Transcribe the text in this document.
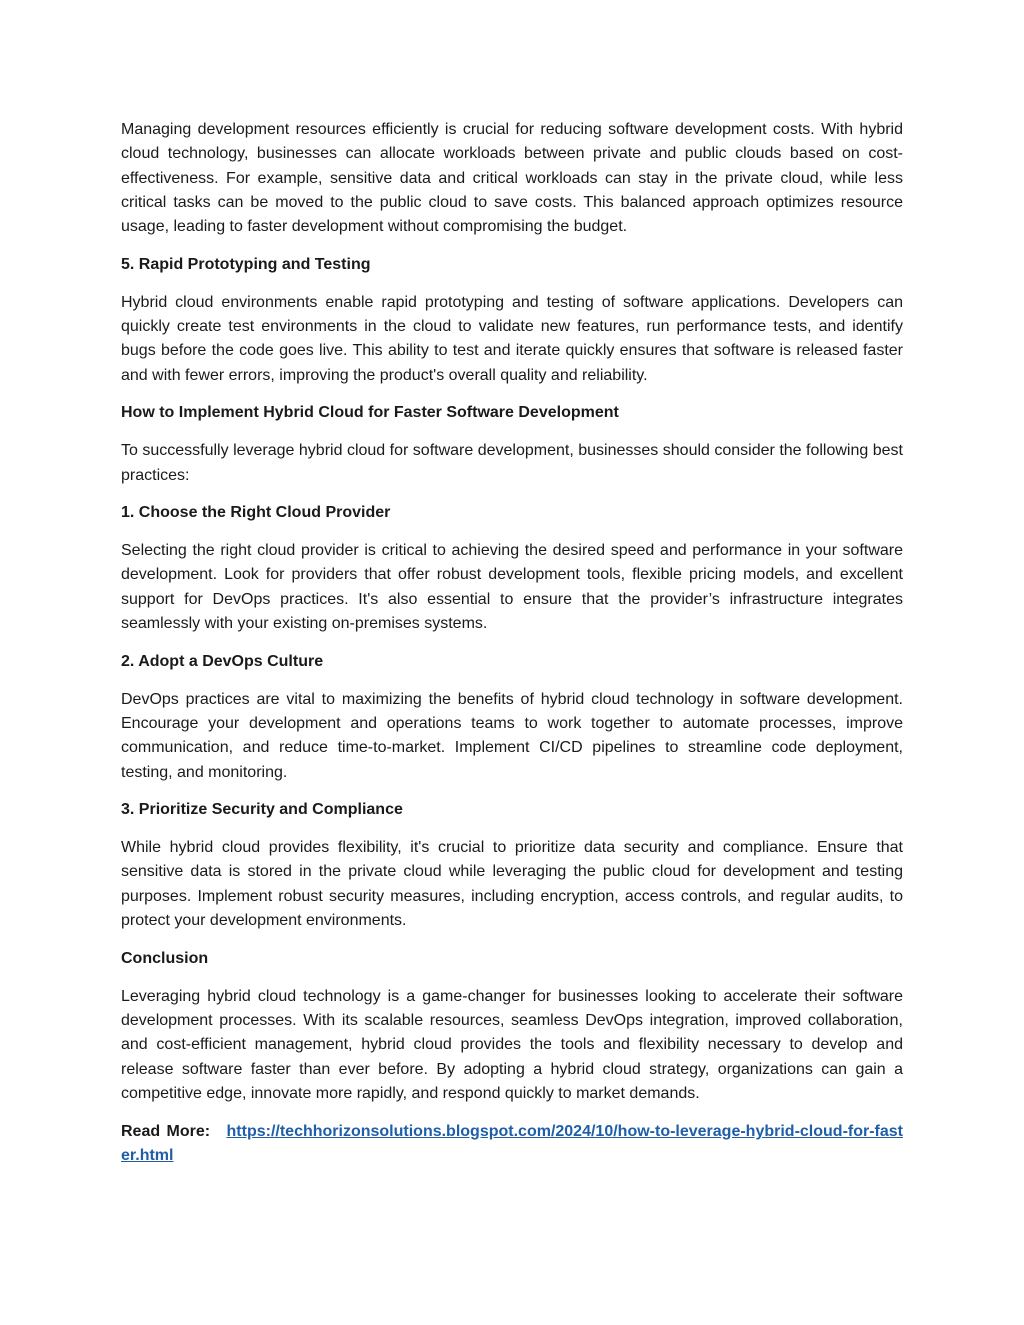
Managing development resources efficiently is crucial for reducing software development costs. With hybrid cloud technology, businesses can allocate workloads between private and public clouds based on cost-effectiveness. For example, sensitive data and critical workloads can stay in the private cloud, while less critical tasks can be moved to the public cloud to save costs. This balanced approach optimizes resource usage, leading to faster development without compromising the budget.

5. Rapid Prototyping and Testing

Hybrid cloud environments enable rapid prototyping and testing of software applications. Developers can quickly create test environments in the cloud to validate new features, run performance tests, and identify bugs before the code goes live. This ability to test and iterate quickly ensures that software is released faster and with fewer errors, improving the product's overall quality and reliability.

How to Implement Hybrid Cloud for Faster Software Development

To successfully leverage hybrid cloud for software development, businesses should consider the following best practices:

1. Choose the Right Cloud Provider

Selecting the right cloud provider is critical to achieving the desired speed and performance in your software development. Look for providers that offer robust development tools, flexible pricing models, and excellent support for DevOps practices. It's also essential to ensure that the provider’s infrastructure integrates seamlessly with your existing on-premises systems.

2. Adopt a DevOps Culture

DevOps practices are vital to maximizing the benefits of hybrid cloud technology in software development. Encourage your development and operations teams to work together to automate processes, improve communication, and reduce time-to-market. Implement CI/CD pipelines to streamline code deployment, testing, and monitoring.

3. Prioritize Security and Compliance

While hybrid cloud provides flexibility, it's crucial to prioritize data security and compliance. Ensure that sensitive data is stored in the private cloud while leveraging the public cloud for development and testing purposes. Implement robust security measures, including encryption, access controls, and regular audits, to protect your development environments.

Conclusion

Leveraging hybrid cloud technology is a game-changer for businesses looking to accelerate their software development processes. With its scalable resources, seamless DevOps integration, improved collaboration, and cost-efficient management, hybrid cloud provides the tools and flexibility necessary to develop and release software faster than ever before. By adopting a hybrid cloud strategy, organizations can gain a competitive edge, innovate more rapidly, and respond quickly to market demands.

Read More: https://techhorizonsolutions.blogspot.com/2024/10/how-to-leverage-hybrid-cloud-for-faster.html
